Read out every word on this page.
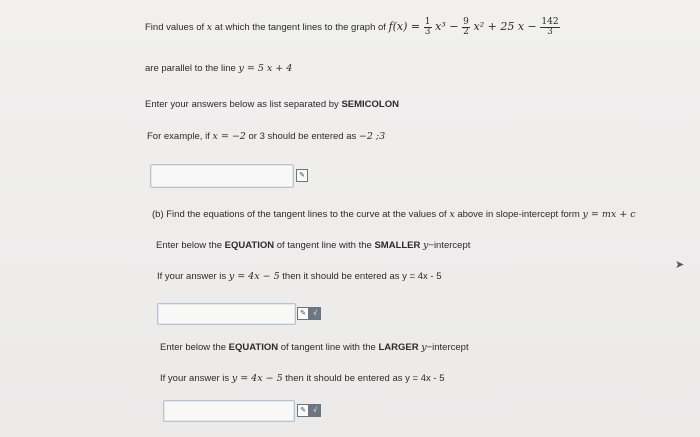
Find values of x at which the tangent lines to the graph of $f(x) = \frac{1}{3} x^3 - \frac{9}{2} x^2 + 25$ $x - \frac{142}{3}$
are parallel to the line y = 5 x + 4
Enter your answers below as list separated by SEMICOLON
For example, if x = −2 or 3 should be entered as −2 ;3
✎
(b) Find the equations of the tangent lines to the curve at the values of x above in slope-intercept form y = mx + c
Enter below the EQUATION of tangent line with the SMALLER y−intercept
If your answer is y = 4x − 5 then it should be entered as y = 4x - 5
✎	√
Enter below the EQUATION of tangent line with the LARGER y−intercept
If your answer is y = 4x − 5 then it should be entered as y = 4x - 5
✎	√
➤
